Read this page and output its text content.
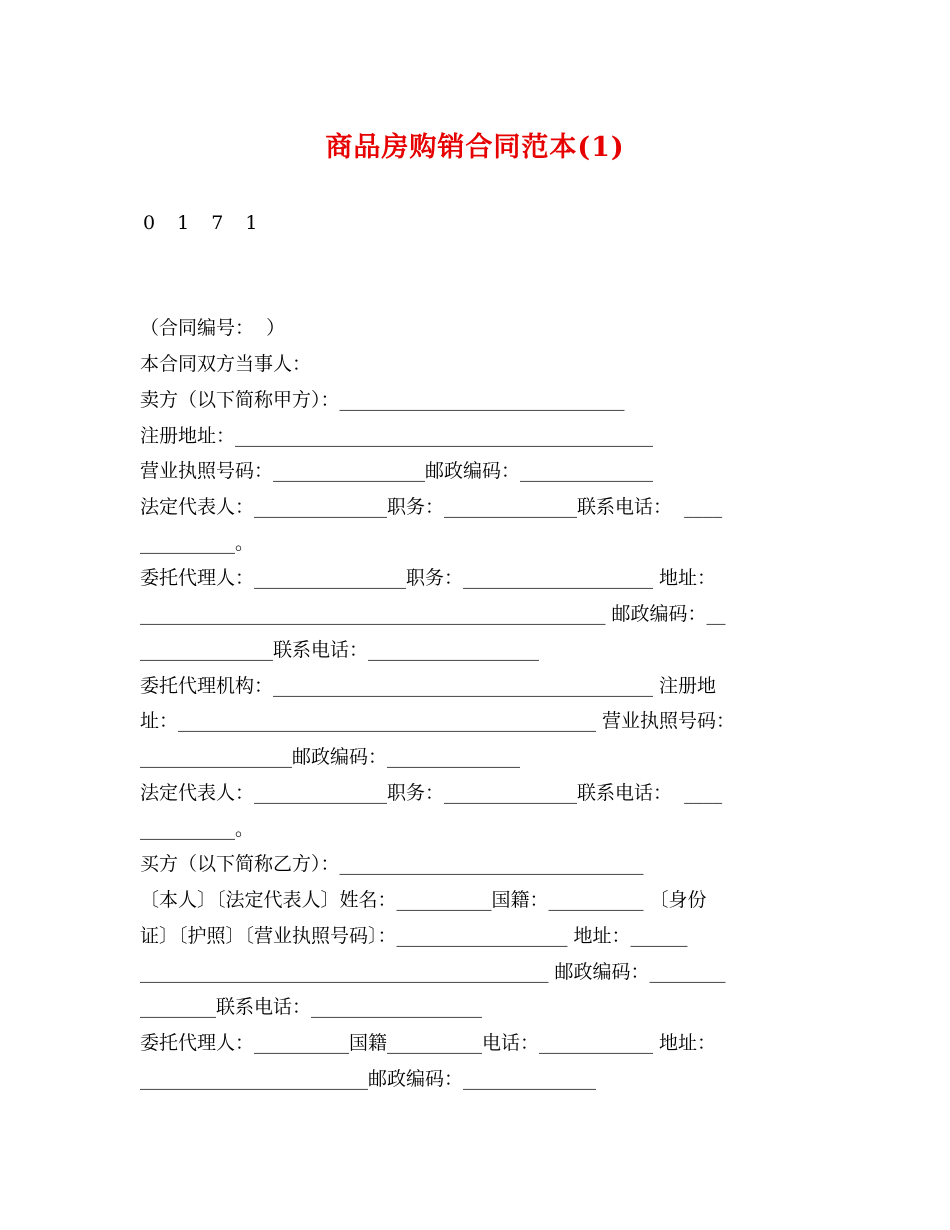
商品房购销合同范本(1)
0 1 7 1
（合同编号：  ）
本合同双方当事人：
卖方（以下简称甲方）：______________________________
注册地址：____________________________________________
营业执照号码：________________邮政编码：______________
法定代表人：______________职务：______________联系电话：  ____
__________。
委托代理人：________________职务：____________________ 地址：
_________________________________________________ 邮政编码：__
______________联系电话：__________________
委托代理机构：________________________________________ 注册地
址：____________________________________________ 营业执照号码：
________________邮政编码：______________
法定代表人：______________职务：______________联系电话：  ____
__________。
买方（以下简称乙方）：________________________________
〔本人〕〔法定代表人〕姓名：__________国籍：__________ 〔身份
证〕〔护照〕〔营业执照号码〕：__________________ 地址：______
___________________________________________ 邮政编码：________
________联系电话：__________________
委托代理人：__________国籍__________电话：____________ 地址：
________________________邮政编码：______________
